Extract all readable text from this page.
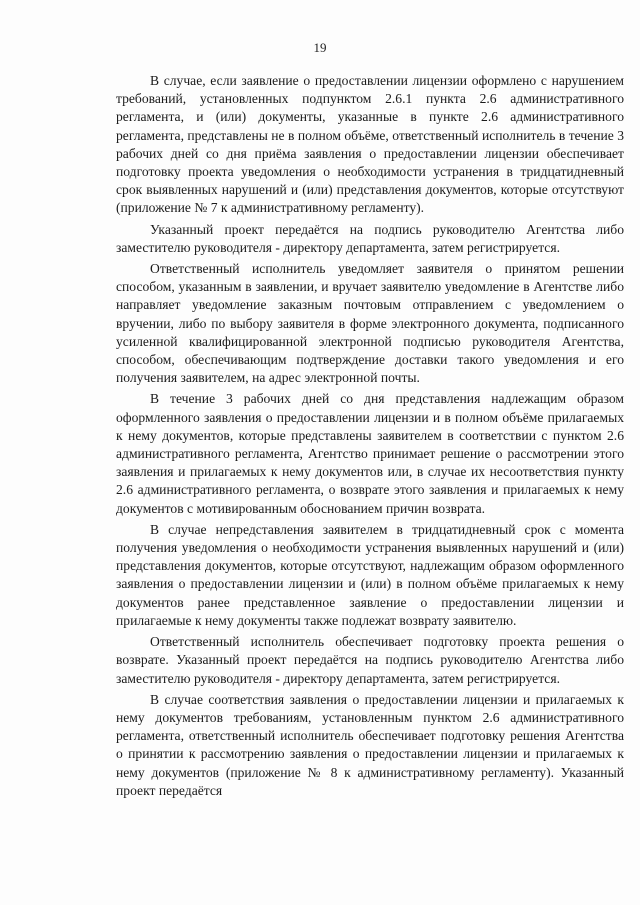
19

В случае, если заявление о предоставлении лицензии оформлено с нарушением требований, установленных подпунктом 2.6.1 пункта 2.6 административного регламента, и (или) документы, указанные в пункте 2.6 административного регламента, представлены не в полном объёме, ответственный исполнитель в течение 3 рабочих дней со дня приёма заявления о предоставлении лицензии обеспечивает подготовку проекта уведомления о необходимости устранения в тридцатидневный срок выявленных нарушений и (или) представления документов, которые отсутствуют (приложение № 7 к административному регламенту).

Указанный проект передаётся на подпись руководителю Агентства либо заместителю руководителя - директору департамента, затем регистрируется.

Ответственный исполнитель уведомляет заявителя о принятом решении способом, указанным в заявлении, и вручает заявителю уведомление в Агентстве либо направляет уведомление заказным почтовым отправлением с уведомлением о вручении, либо по выбору заявителя в форме электронного документа, подписанного усиленной квалифицированной электронной подписью руководителя Агентства, способом, обеспечивающим подтверждение доставки такого уведомления и его получения заявителем, на адрес электронной почты.

В течение 3 рабочих дней со дня представления надлежащим образом оформленного заявления о предоставлении лицензии и в полном объёме прилагаемых к нему документов, которые представлены заявителем в соответствии с пунктом 2.6 административного регламента, Агентство принимает решение о рассмотрении этого заявления и прилагаемых к нему документов или, в случае их несоответствия пункту 2.6 административного регламента, о возврате этого заявления и прилагаемых к нему документов с мотивированным обоснованием причин возврата.

В случае непредставления заявителем в тридцатидневный срок с момента получения уведомления о необходимости устранения выявленных нарушений и (или) представления документов, которые отсутствуют, надлежащим образом оформленного заявления о предоставлении лицензии и (или) в полном объёме прилагаемых к нему документов ранее представленное заявление о предоставлении лицензии и прилагаемые к нему документы также подлежат возврату заявителю.

Ответственный исполнитель обеспечивает подготовку проекта решения о возврате. Указанный проект передаётся на подпись руководителю Агентства либо заместителю руководителя - директору департамента, затем регистрируется.

В случае соответствия заявления о предоставлении лицензии и прилагаемых к нему документов требованиям, установленным пунктом 2.6 административного регламента, ответственный исполнитель обеспечивает подготовку решения Агентства о принятии к рассмотрению заявления о предоставлении лицензии и прилагаемых к нему документов (приложение № 8 к административному регламенту). Указанный проект передаётся
